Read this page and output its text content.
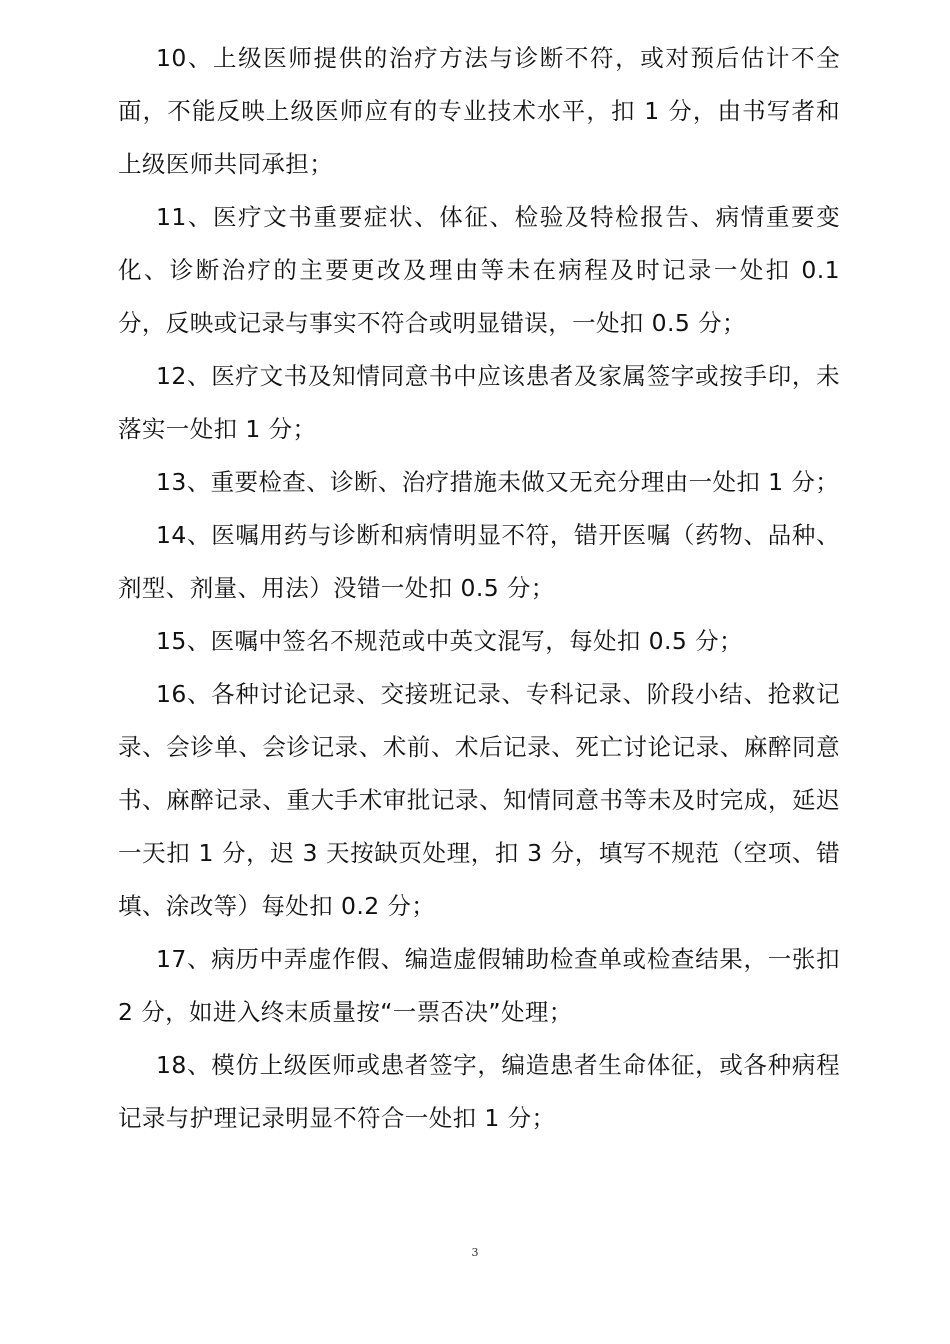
10、上级医师提供的治疗方法与诊断不符，或对预后估计不全面，不能反映上级医师应有的专业技术水平，扣 1 分，由书写者和上级医师共同承担；

11、医疗文书重要症状、体征、检验及特检报告、病情重要变化、诊断治疗的主要更改及理由等未在病程及时记录一处扣 0.1 分，反映或记录与事实不符合或明显错误，一处扣 0.5 分；

12、医疗文书及知情同意书中应该患者及家属签字或按手印，未落实一处扣 1 分；

13、重要检查、诊断、治疗措施未做又无充分理由一处扣 1 分；

14、医嘱用药与诊断和病情明显不符，错开医嘱（药物、品种、剂型、剂量、用法）没错一处扣 0.5 分；

15、医嘱中签名不规范或中英文混写，每处扣 0.5 分；

16、各种讨论记录、交接班记录、专科记录、阶段小结、抢救记录、会诊单、会诊记录、术前、术后记录、死亡讨论记录、麻醉同意书、麻醉记录、重大手术审批记录、知情同意书等未及时完成，延迟一天扣 1 分，迟 3 天按缺页处理，扣 3 分，填写不规范（空项、错填、涂改等）每处扣 0.2 分；

17、病历中弄虚作假、编造虚假辅助检查单或检查结果，一张扣 2 分，如进入终末质量按“一票否决”处理；

18、模仿上级医师或患者签字，编造患者生命体征，或各种病程记录与护理记录明显不符合一处扣 1 分；

3
